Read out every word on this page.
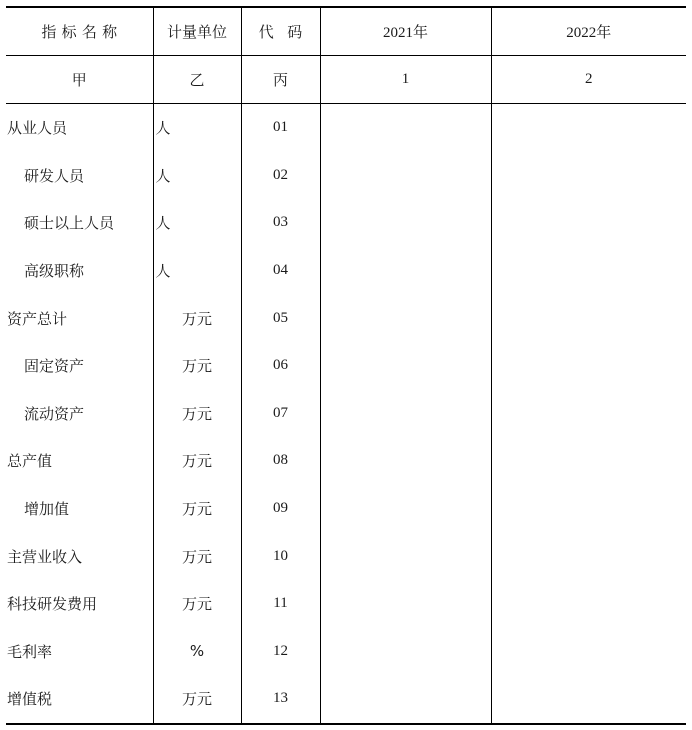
指标名称	计量单位	代码	2021年	2022年
甲	乙	丙	1	2
从业人员	人	01		
研发人员	人	02		
硕士以上人员	人	03		
高级职称	人	04		
资产总计	万元	05		
固定资产	万元	06		
流动资产	万元	07		
总产值	万元	08		
增加值	万元	09		
主营业收入	万元	10		
科技研发费用	万元	11		
毛利率	%	12		
增值税	万元	13		
